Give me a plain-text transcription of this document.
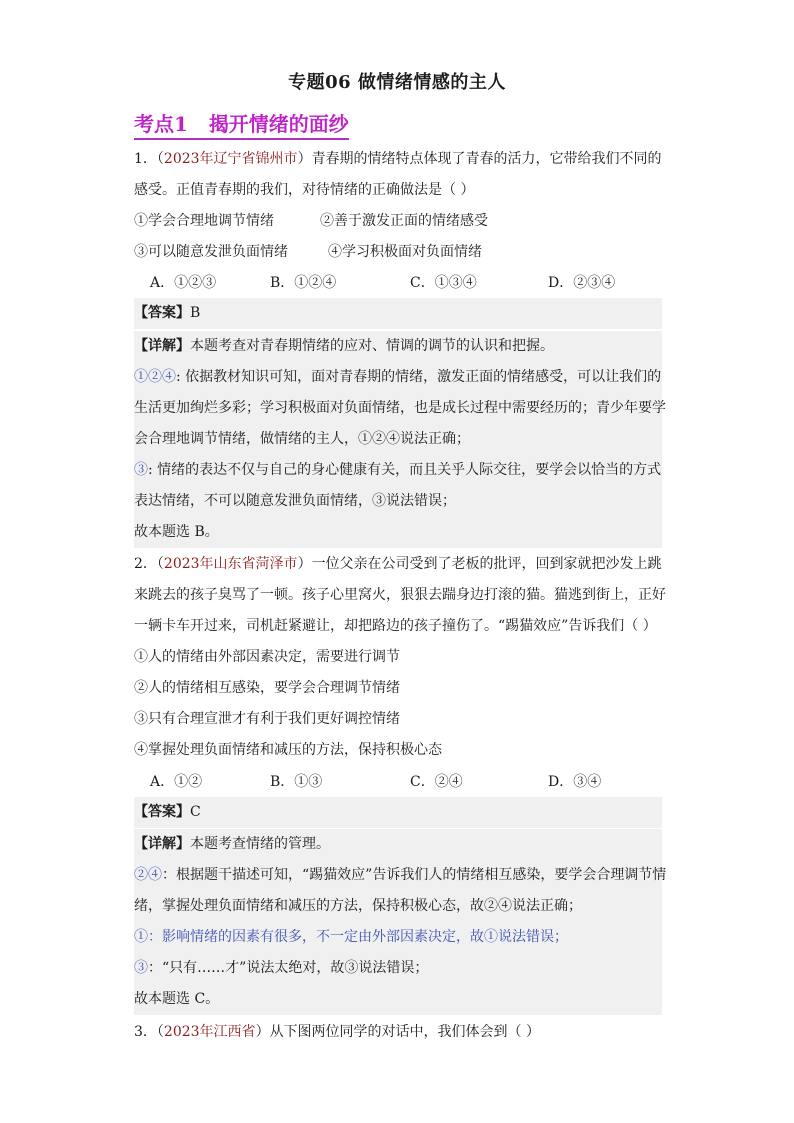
专题06 做情绪情感的主人
考点1 揭开情绪的面纱
1．（2023年辽宁省锦州市）青春期的情绪特点体现了青春的活力，它带给我们不同的
感受。正值青春期的我们，对待情绪的正确做法是（ ）
①学会合理地调节情绪	②善于激发正面的情绪感受
③可以随意发泄负面情绪	④学习积极面对负面情绪
A．①②③	B．①②④	C．①③④	D．②③④
【答案】B
【详解】本题考查对青春期情绪的应对、情调的调节的认识和把握。
①②④: 依据教材知识可知，面对青春期的情绪，激发正面的情绪感受，可以让我们的
生活更加绚烂多彩；学习积极面对负面情绪，也是成长过程中需要经历的；青少年要学
会合理地调节情绪，做情绪的主人，①②④说法正确；
③: 情绪的表达不仅与自己的身心健康有关，而且关乎人际交往，要学会以恰当的方式
表达情绪，不可以随意发泄负面情绪，③说法错误；
故本题选 B。
2．（2023年山东省菏泽市）一位父亲在公司受到了老板的批评，回到家就把沙发上跳
来跳去的孩子臭骂了一顿。孩子心里窝火，狠狠去踹身边打滚的猫。猫逃到街上，正好
一辆卡车开过来，司机赶紧避让，却把路边的孩子撞伤了。“踢猫效应”告诉我们（ ）
①人的情绪由外部因素决定，需要进行调节
②人的情绪相互感染，要学会合理调节情绪
③只有合理宣泄才有利于我们更好调控情绪
④掌握处理负面情绪和减压的方法，保持积极心态
A．①②	B．①③	C．②④	D．③④
【答案】C
【详解】本题考查情绪的管理。
②④：根据题干描述可知，“踢猫效应”告诉我们人的情绪相互感染，要学会合理调节情
绪，掌握处理负面情绪和减压的方法，保持积极心态，故②④说法正确；
①：影响情绪的因素有很多，不一定由外部因素决定，故①说法错误；
③：“只有……才”说法太绝对，故③说法错误；
故本题选 C。
3．（2023年江西省）从下图两位同学的对话中，我们体会到（ ）
